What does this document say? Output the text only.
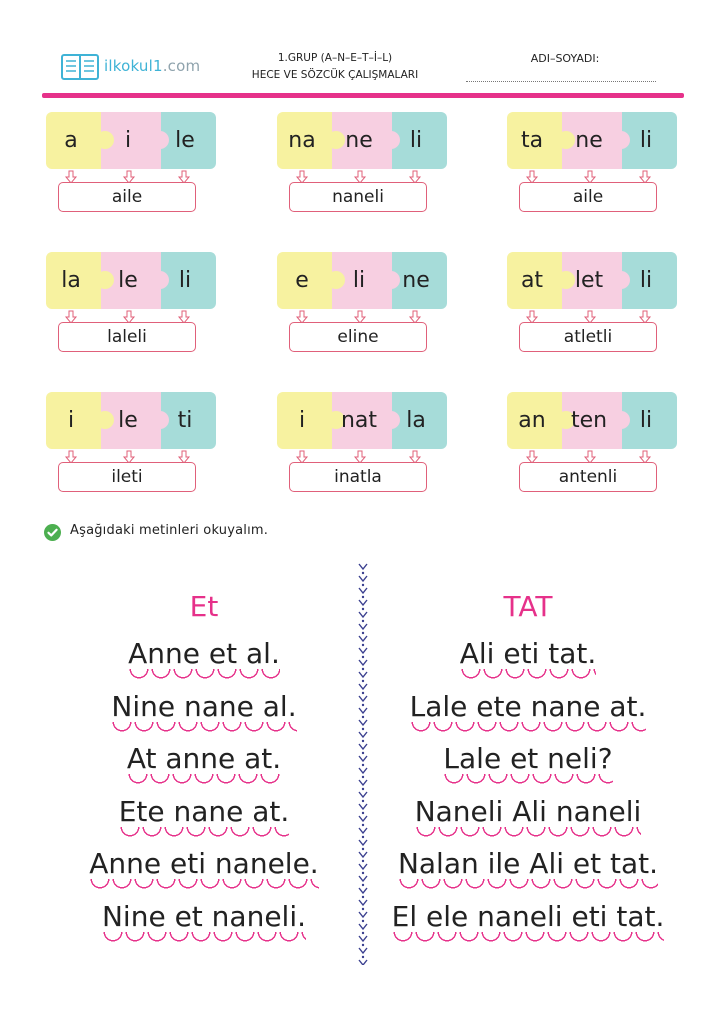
ilkokul1.com	1.GRUP (A–N–E–T–İ–L)
HECE VE SÖZCÜK ÇALIŞMALARI
ADI–SOYADI:
a	i	le
aile
na	ne	li
naneli
ta	ne	li
aile
la	le	li
laleli
e	li	ne
eline
at	let	li
atletli
i	le	ti
ileti
i	nat	la
inatla
an	ten	li
antenli
Aşağıdaki metinleri okuyalım.
Et
Anne et al.
Nine nane al.
At anne at.
Ete nane at.
Anne eti nanele.
Nine et naneli.
TAT
Ali eti tat.
Lale ete nane at.
Lale et neli?
Naneli Ali naneli
Nalan ile Ali et tat.
El ele naneli eti tat.
